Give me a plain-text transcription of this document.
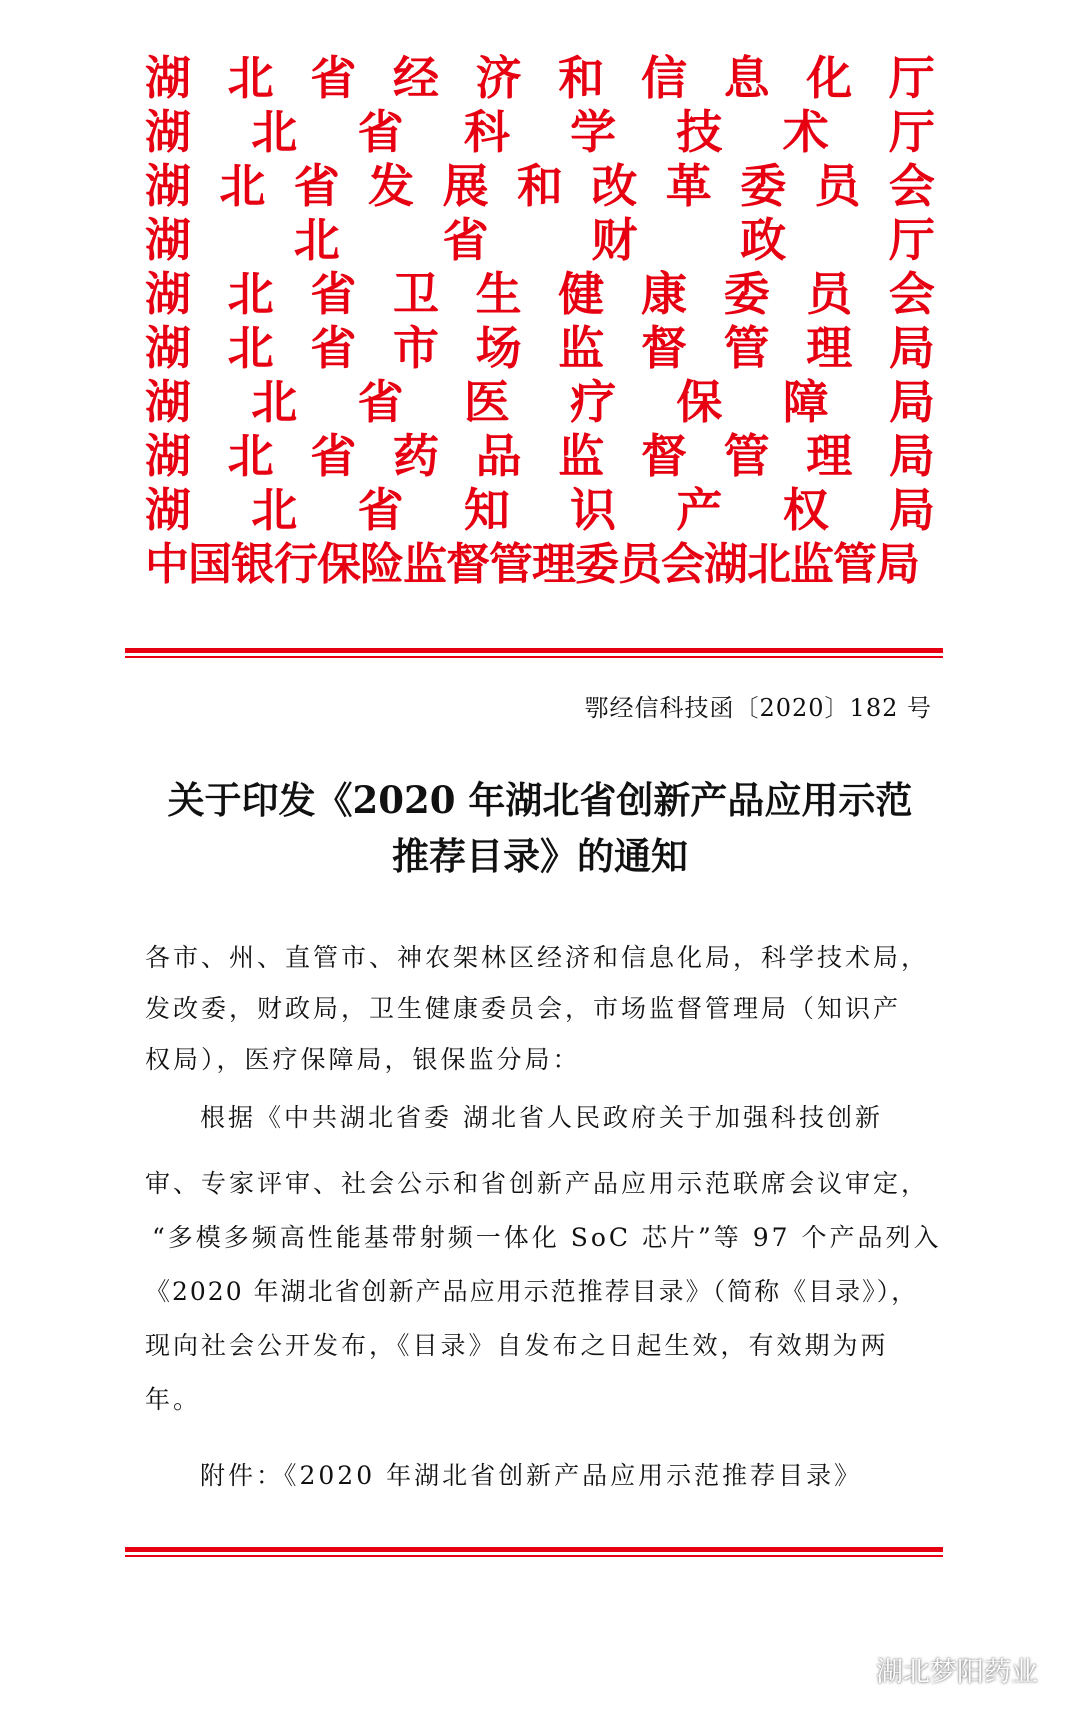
湖 北 省 经 济 和 信 息 化 厅
湖 北 省 科 学 技 术 厅
湖 北 省 发 展 和 改 革 委 员 会
湖 北 省 财 政 厅
湖 北 省 卫 生 健 康 委 员 会
湖 北 省 市 场 监 督 管 理 局
湖 北 省 医 疗 保 障 局
湖 北 省 药 品 监 督 管 理 局
湖 北 省 知 识 产 权 局
中国银行保险监督管理委员会湖北监管局
鄂经信科技函〔2020〕182 号
关于印发《2020 年湖北省创新产品应用示范
推荐目录》的通知
各市、州、直管市、神农架林区经济和信息化局，科学技术局，
发改委，财政局，卫生健康委员会，市场监督管理局（知识产
权局），医疗保障局，银保监分局：
根据《中共湖北省委 湖北省人民政府关于加强科技创新
审、专家评审、社会公示和省创新产品应用示范联席会议审定，
“多模多频高性能基带射频一体化 SoC 芯片”等 97 个产品列入
《2020 年湖北省创新产品应用示范推荐目录》（简称《目录》），
现向社会公开发布，《目录》自发布之日起生效，有效期为两
年。
附件：《2020 年湖北省创新产品应用示范推荐目录》
湖北梦阳药业
